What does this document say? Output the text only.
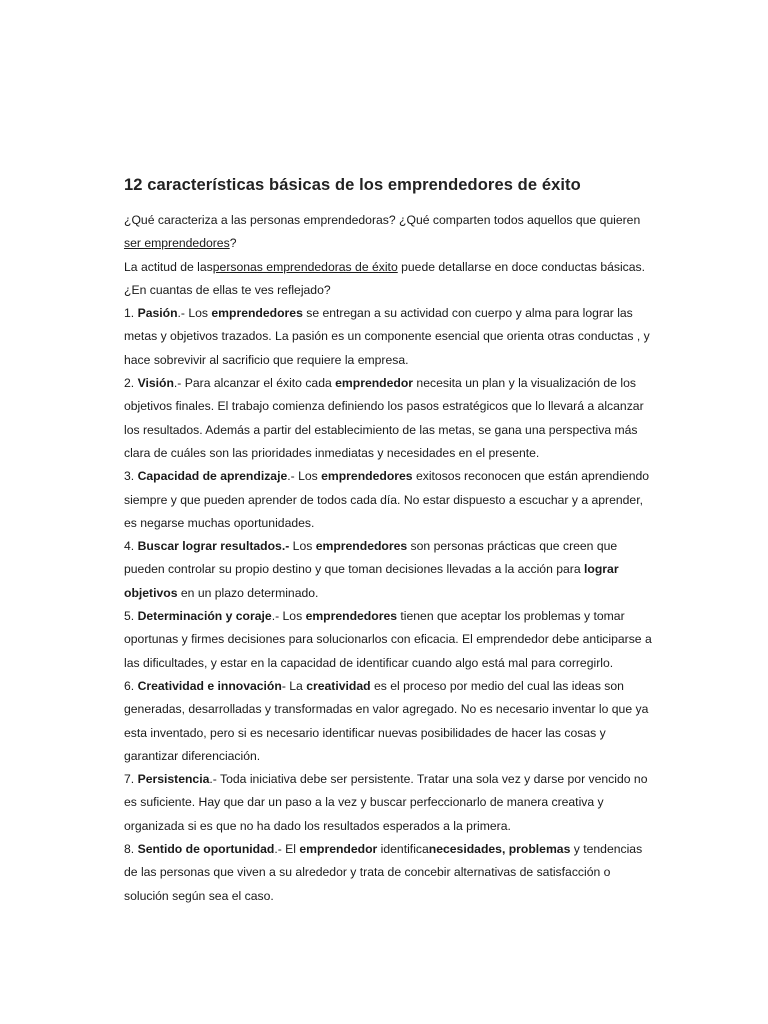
12 características básicas de los emprendedores de éxito

¿Qué caracteriza a las personas emprendedoras? ¿Qué comparten todos aquellos que quieren ser emprendedores?

La actitud de laspersonas emprendedoras de éxito puede detallarse en doce conductas básicas. ¿En cuantas de ellas te ves reflejado?

1. Pasión.- Los emprendedores se entregan a su actividad con cuerpo y alma para lograr las metas y objetivos trazados. La pasión es un componente esencial que orienta otras conductas , y hace sobrevivir al sacrificio que requiere la empresa.

2. Visión.- Para alcanzar el éxito cada emprendedor necesita un plan y la visualización de los objetivos finales. El trabajo comienza definiendo los pasos estratégicos que lo llevará a alcanzar los resultados. Además a partir del establecimiento de las metas, se gana una perspectiva más clara de cuáles son las prioridades inmediatas y necesidades en el presente.

3. Capacidad de aprendizaje.- Los emprendedores exitosos reconocen que están aprendiendo siempre y que pueden aprender de todos cada día. No estar dispuesto a escuchar y a aprender, es negarse muchas oportunidades.

4. Buscar lograr resultados.- Los emprendedores son personas prácticas que creen que pueden controlar su propio destino y que toman decisiones llevadas a la acción para lograr objetivos en un plazo determinado.

5. Determinación y coraje.- Los emprendedores tienen que aceptar los problemas y tomar oportunas y firmes decisiones para solucionarlos con eficacia. El emprendedor debe anticiparse a las dificultades, y estar en la capacidad de identificar cuando algo está mal para corregirlo.

6. Creatividad e innovación- La creatividad es el proceso por medio del cual las ideas son generadas, desarrolladas y transformadas en valor agregado. No es necesario inventar lo que ya esta inventado, pero si es necesario identificar nuevas posibilidades de hacer las cosas y garantizar diferenciación.

7. Persistencia.- Toda iniciativa debe ser persistente. Tratar una sola vez y darse por vencido no es suficiente. Hay que dar un paso a la vez y buscar perfeccionarlo de manera creativa y organizada si es que no ha dado los resultados esperados a la primera.

8. Sentido de oportunidad.- El emprendedor identificanecesidades, problemas y tendencias de las personas que viven a su alrededor y trata de concebir alternativas de satisfacción o solución según sea el caso.
